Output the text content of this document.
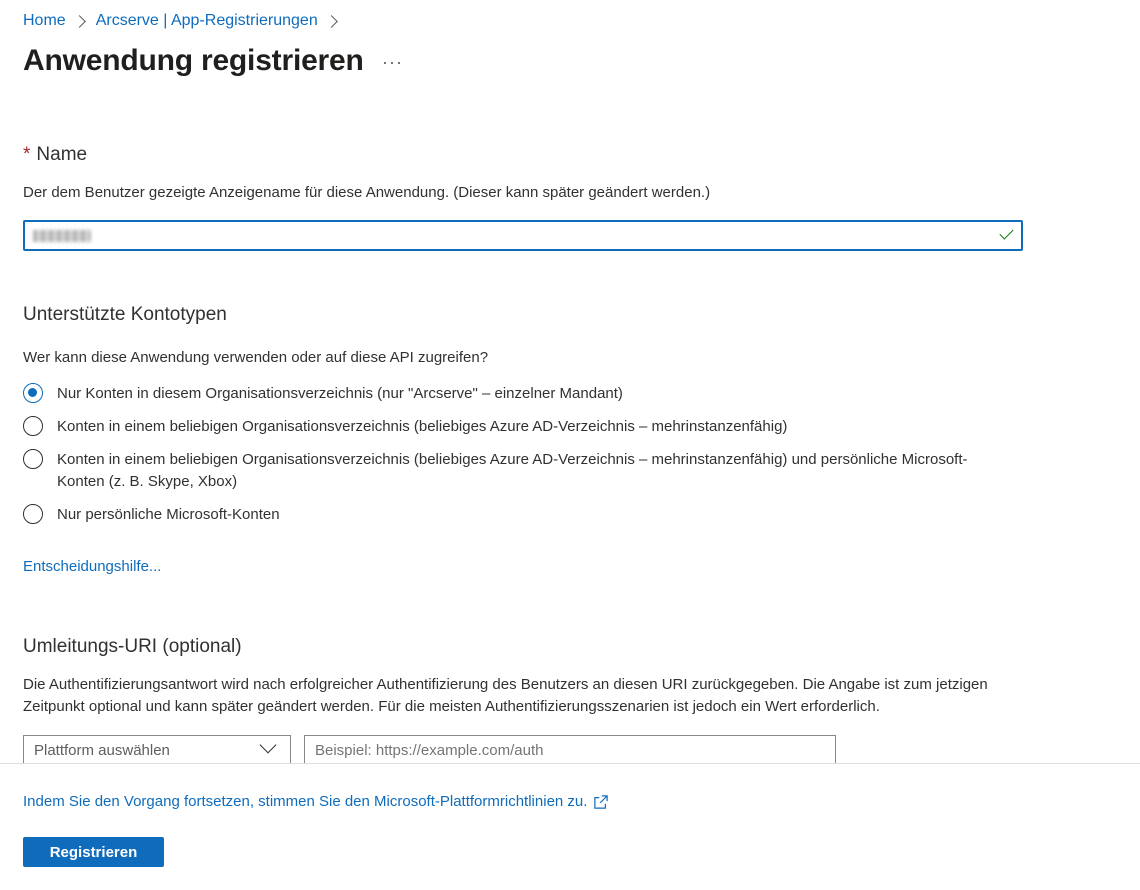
Home Arcserve | App-Registrierungen
Anwendung registrieren ···
* Name
Der dem Benutzer gezeigte Anzeigename für diese Anwendung. (Dieser kann später geändert werden.)
Unterstützte Kontotypen
Wer kann diese Anwendung verwenden oder auf diese API zugreifen?
Nur Konten in diesem Organisationsverzeichnis (nur "Arcserve" – einzelner Mandant)
Konten in einem beliebigen Organisationsverzeichnis (beliebiges Azure AD-Verzeichnis – mehrinstanzenfähig)
Konten in einem beliebigen Organisationsverzeichnis (beliebiges Azure AD-Verzeichnis – mehrinstanzenfähig) und persönliche Microsoft-Konten (z. B. Skype, Xbox)
Nur persönliche Microsoft-Konten
Entscheidungshilfe...
Umleitungs-URI (optional)
Die Authentifizierungsantwort wird nach erfolgreicher Authentifizierung des Benutzers an diesen URI zurückgegeben. Die Angabe ist zum jetzigen Zeitpunkt optional und kann später geändert werden. Für die meisten Authentifizierungsszenarien ist jedoch ein Wert erforderlich.
Plattform auswählen
Beispiel: https://example.com/auth
Indem Sie den Vorgang fortsetzen, stimmen Sie den Microsoft-Plattformrichtlinien zu.
Registrieren
